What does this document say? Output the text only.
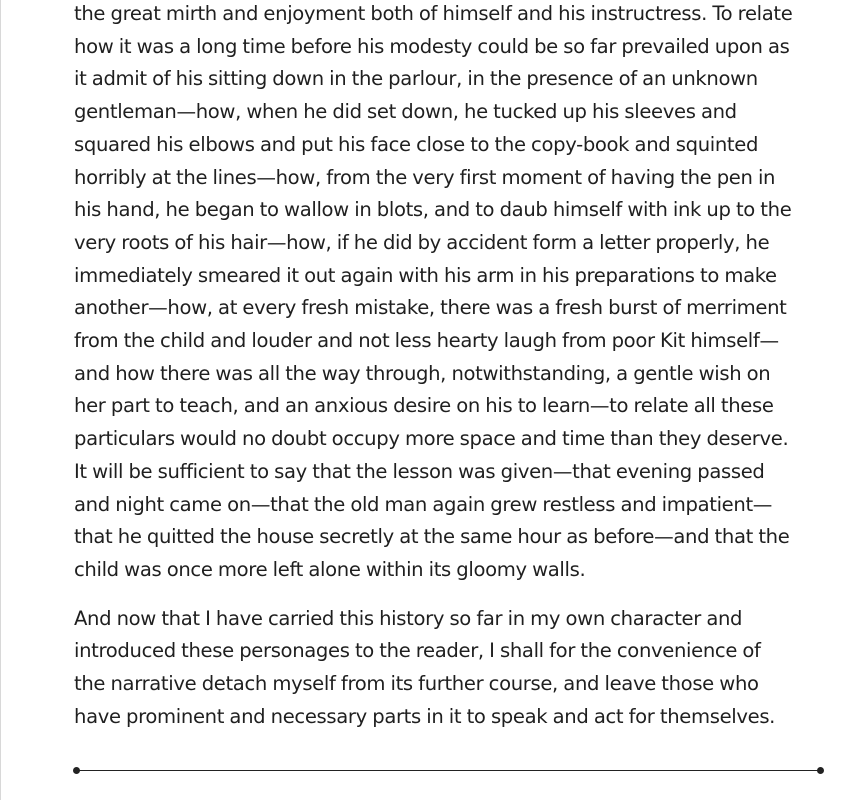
the great mirth and enjoyment both of himself and his instructress. To relate
how it was a long time before his modesty could be so far prevailed upon as
it admit of his sitting down in the parlour, in the presence of an unknown
gentleman—how, when he did set down, he tucked up his sleeves and
squared his elbows and put his face close to the copy-book and squinted
horribly at the lines—how, from the very first moment of having the pen in
his hand, he began to wallow in blots, and to daub himself with ink up to the
very roots of his hair—how, if he did by accident form a letter properly, he
immediately smeared it out again with his arm in his preparations to make
another—how, at every fresh mistake, there was a fresh burst of merriment
from the child and louder and not less hearty laugh from poor Kit himself—
and how there was all the way through, notwithstanding, a gentle wish on
her part to teach, and an anxious desire on his to learn—to relate all these
particulars would no doubt occupy more space and time than they deserve.
It will be sufficient to say that the lesson was given—that evening passed
and night came on—that the old man again grew restless and impatient—
that he quitted the house secretly at the same hour as before—and that the
child was once more left alone within its gloomy walls.

And now that I have carried this history so far in my own character and
introduced these personages to the reader, I shall for the convenience of
the narrative detach myself from its further course, and leave those who
have prominent and necessary parts in it to speak and act for themselves.
